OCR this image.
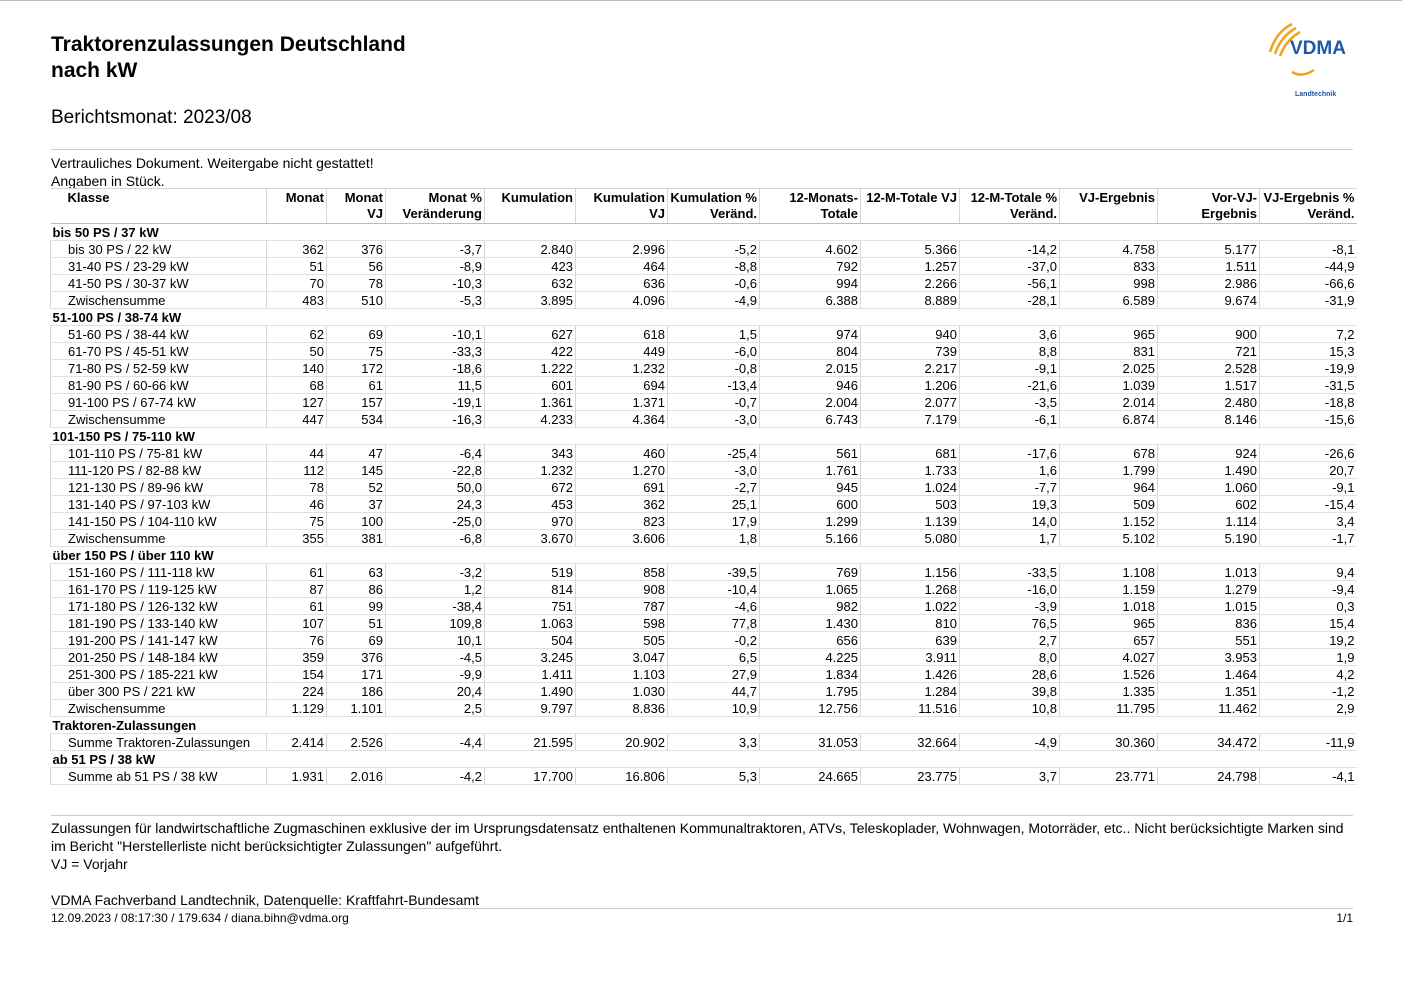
Traktorenzulassungen Deutschland
nach kW
Berichtsmonat: 2023/08
VDMA
Landtechnik
Vertrauliches Dokument. Weitergabe nicht gestattet!
Angaben in Stück.
Klasse	Monat	Monat VJ	Monat % Veränderung	Kumulation	Kumulation VJ	Kumulation % Veränd.	12-Monats-Totale	12-M-Totale VJ	12-M-Totale % Veränd.	VJ-Ergebnis	Vor-VJ-Ergebnis	VJ-Ergebnis % Veränd.
bis 50 PS / 37 kW												
bis 30 PS / 22 kW	362	376	-3,7	2.840	2.996	-5,2	4.602	5.366	-14,2	4.758	5.177	-8,1
31-40 PS / 23-29 kW	51	56	-8,9	423	464	-8,8	792	1.257	-37,0	833	1.511	-44,9
41-50 PS / 30-37 kW	70	78	-10,3	632	636	-0,6	994	2.266	-56,1	998	2.986	-66,6
Zwischensumme	483	510	-5,3	3.895	4.096	-4,9	6.388	8.889	-28,1	6.589	9.674	-31,9
51-100 PS / 38-74 kW												
51-60 PS / 38-44 kW	62	69	-10,1	627	618	1,5	974	940	3,6	965	900	7,2
61-70 PS / 45-51 kW	50	75	-33,3	422	449	-6,0	804	739	8,8	831	721	15,3
71-80 PS / 52-59 kW	140	172	-18,6	1.222	1.232	-0,8	2.015	2.217	-9,1	2.025	2.528	-19,9
81-90 PS / 60-66 kW	68	61	11,5	601	694	-13,4	946	1.206	-21,6	1.039	1.517	-31,5
91-100 PS / 67-74 kW	127	157	-19,1	1.361	1.371	-0,7	2.004	2.077	-3,5	2.014	2.480	-18,8
Zwischensumme	447	534	-16,3	4.233	4.364	-3,0	6.743	7.179	-6,1	6.874	8.146	-15,6
101-150 PS / 75-110 kW												
101-110 PS / 75-81 kW	44	47	-6,4	343	460	-25,4	561	681	-17,6	678	924	-26,6
111-120 PS / 82-88 kW	112	145	-22,8	1.232	1.270	-3,0	1.761	1.733	1,6	1.799	1.490	20,7
121-130 PS / 89-96 kW	78	52	50,0	672	691	-2,7	945	1.024	-7,7	964	1.060	-9,1
131-140 PS / 97-103 kW	46	37	24,3	453	362	25,1	600	503	19,3	509	602	-15,4
141-150 PS / 104-110 kW	75	100	-25,0	970	823	17,9	1.299	1.139	14,0	1.152	1.114	3,4
Zwischensumme	355	381	-6,8	3.670	3.606	1,8	5.166	5.080	1,7	5.102	5.190	-1,7
über 150 PS / über 110 kW												
151-160 PS / 111-118 kW	61	63	-3,2	519	858	-39,5	769	1.156	-33,5	1.108	1.013	9,4
161-170 PS / 119-125 kW	87	86	1,2	814	908	-10,4	1.065	1.268	-16,0	1.159	1.279	-9,4
171-180 PS / 126-132 kW	61	99	-38,4	751	787	-4,6	982	1.022	-3,9	1.018	1.015	0,3
181-190 PS / 133-140 kW	107	51	109,8	1.063	598	77,8	1.430	810	76,5	965	836	15,4
191-200 PS / 141-147 kW	76	69	10,1	504	505	-0,2	656	639	2,7	657	551	19,2
201-250 PS / 148-184 kW	359	376	-4,5	3.245	3.047	6,5	4.225	3.911	8,0	4.027	3.953	1,9
251-300 PS / 185-221 kW	154	171	-9,9	1.411	1.103	27,9	1.834	1.426	28,6	1.526	1.464	4,2
über 300 PS / 221 kW	224	186	20,4	1.490	1.030	44,7	1.795	1.284	39,8	1.335	1.351	-1,2
Zwischensumme	1.129	1.101	2,5	9.797	8.836	10,9	12.756	11.516	10,8	11.795	11.462	2,9
Traktoren-Zulassungen												
Summe Traktoren-Zulassungen	2.414	2.526	-4,4	21.595	20.902	3,3	31.053	32.664	-4,9	30.360	34.472	-11,9
ab 51 PS / 38 kW												
Summe ab 51 PS / 38 kW	1.931	2.016	-4,2	17.700	16.806	5,3	24.665	23.775	3,7	23.771	24.798	-4,1
Zulassungen für landwirtschaftliche Zugmaschinen exklusive der im Ursprungsdatensatz enthaltenen Kommunaltraktoren, ATVs, Teleskoplader, Wohnwagen, Motorräder, etc.. Nicht berücksichtigte Marken sind im Bericht "Herstellerliste nicht berücksichtigter Zulassungen" aufgeführt.
VJ = Vorjahr
VDMA Fachverband Landtechnik, Datenquelle: Kraftfahrt-Bundesamt
12.09.2023 / 08:17:30 / 179.634 / diana.bihn@vdma.org	1/1
